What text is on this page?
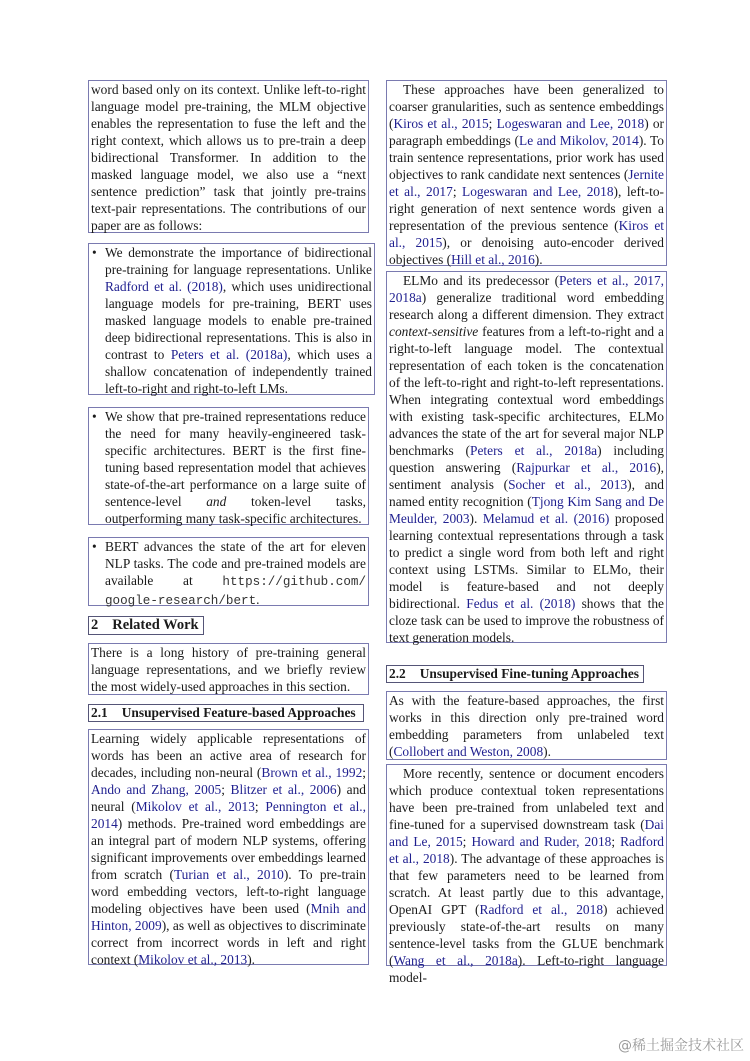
word based only on its context. Unlike left-to-right language model pre-training, the MLM objective enables the representation to fuse the left and the right context, which allows us to pre-train a deep bidirectional Transformer. In addition to the masked language model, we also use a “next sentence prediction” task that jointly pre-trains text-pair representations. The contributions of our paper are as follows:

• We demonstrate the importance of bidirectional pre-training for language representations. Unlike Radford et al. (2018), which uses unidirectional language models for pre-training, BERT uses masked language models to enable pre-trained deep bidirectional representations. This is also in contrast to Peters et al. (2018a), which uses a shallow concatenation of independently trained left-to-right and right-to-left LMs.
• We show that pre-trained representations reduce the need for many heavily-engineered task-specific architectures. BERT is the first fine-tuning based representation model that achieves state-of-the-art performance on a large suite of sentence-level and token-level tasks, outperforming many task-specific architectures.
• BERT advances the state of the art for eleven NLP tasks. The code and pre-trained models are available at https://github.com/ google-research/bert.
2 Related Work

There is a long history of pre-training general language representations, and we briefly review the most widely-used approaches in this section.

2.1 Unsupervised Feature-based Approaches

Learning widely applicable representations of words has been an active area of research for decades, including non-neural (Brown et al., 1992; Ando and Zhang, 2005; Blitzer et al., 2006) and neural (Mikolov et al., 2013; Pennington et al., 2014) methods. Pre-trained word embeddings are an integral part of modern NLP systems, offering significant improvements over embeddings learned from scratch (Turian et al., 2010). To pre-train word embedding vectors, left-to-right language modeling objectives have been used (Mnih and Hinton, 2009), as well as objectives to discriminate correct from incorrect words in left and right context (Mikolov et al., 2013).

These approaches have been generalized to coarser granularities, such as sentence embeddings (Kiros et al., 2015; Logeswaran and Lee, 2018) or paragraph embeddings (Le and Mikolov, 2014). To train sentence representations, prior work has used objectives to rank candidate next sentences (Jernite et al., 2017; Logeswaran and Lee, 2018), left-to-right generation of next sentence words given a representation of the previous sentence (Kiros et al., 2015), or denoising auto-encoder derived objectives (Hill et al., 2016).

ELMo and its predecessor (Peters et al., 2017, 2018a) generalize traditional word embedding research along a different dimension. They extract context-sensitive features from a left-to-right and a right-to-left language model. The contextual representation of each token is the concatenation of the left-to-right and right-to-left representations. When integrating contextual word embeddings with existing task-specific architectures, ELMo advances the state of the art for several major NLP benchmarks (Peters et al., 2018a) including question answering (Rajpurkar et al., 2016), sentiment analysis (Socher et al., 2013), and named entity recognition (Tjong Kim Sang and De Meulder, 2003). Melamud et al. (2016) proposed learning contextual representations through a task to predict a single word from both left and right context using LSTMs. Similar to ELMo, their model is feature-based and not deeply bidirectional. Fedus et al. (2018) shows that the cloze task can be used to improve the robustness of text generation models.

2.2 Unsupervised Fine-tuning Approaches

As with the feature-based approaches, the first works in this direction only pre-trained word embedding parameters from unlabeled text (Collobert and Weston, 2008).

More recently, sentence or document encoders which produce contextual token representations have been pre-trained from unlabeled text and fine-tuned for a supervised downstream task (Dai and Le, 2015; Howard and Ruder, 2018; Radford et al., 2018). The advantage of these approaches is that few parameters need to be learned from scratch. At least partly due to this advantage, OpenAI GPT (Radford et al., 2018) achieved previously state-of-the-art results on many sentence-level tasks from the GLUE benchmark (Wang et al., 2018a). Left-to-right language model-

@稀土掘金技术社区
